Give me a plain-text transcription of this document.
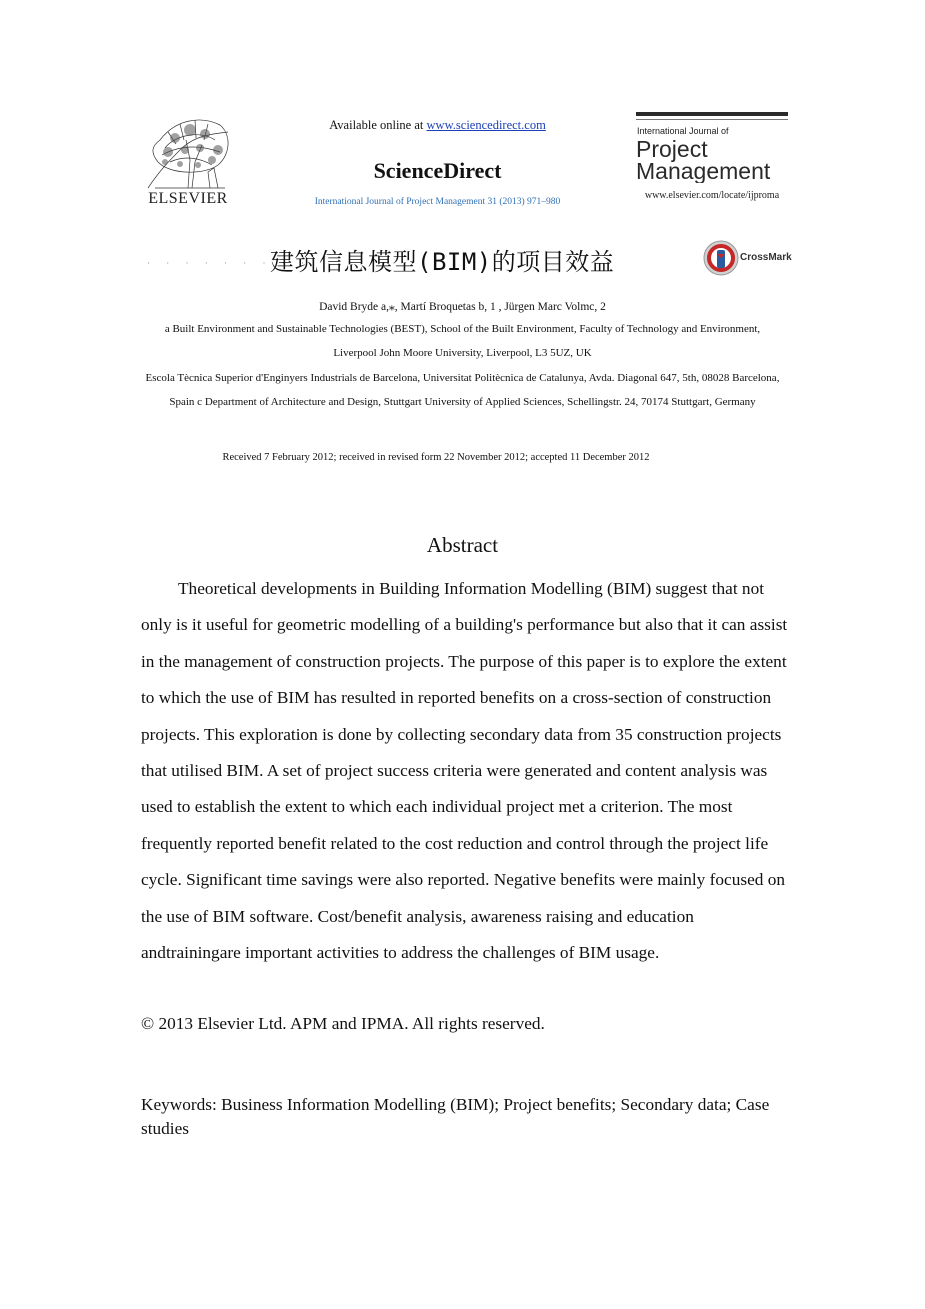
ELSEVIER
Available online at www.sciencedirect.com
ScienceDirect
International Journal of Project Management 31 (2013) 971–980
International Journal of
Project
Management
www.elsevier.com/locate/ijproma
· · · · · · · · ·
建筑信息模型(BIM)的项目效益	CrossMark
David Bryde a,⁎, Martí Broquetas b, 1 , Jürgen Marc Volmc, 2
a Built Environment and Sustainable Technologies (BEST), School of the Built Environment, Faculty of Technology and Environment,
Liverpool John Moore University, Liverpool, L3 5UZ, UK
Escola Tècnica Superior d'Enginyers Industrials de Barcelona, Universitat Politècnica de Catalunya, Avda. Diagonal 647, 5th, 08028 Barcelona,
Spain c Department of Architecture and Design, Stuttgart University of Applied Sciences, Schellingstr. 24, 70174 Stuttgart, Germany
Received 7 February 2012; received in revised form 22 November 2012; accepted 11 December 2012
Abstract

Theoretical developments in Building Information Modelling (BIM) suggest that not only is it useful for geometric modelling of a building's performance but also that it can assist in the management of construction projects. The purpose of this paper is to explore the extent to which the use of BIM has resulted in reported benefits on a cross-section of construction projects. This exploration is done by collecting secondary data from 35 construction projects that utilised BIM. A set of project success criteria were generated and content analysis was used to establish the extent to which each individual project met a criterion. The most frequently reported benefit related to the cost reduction and control through the project life cycle. Significant time savings were also reported. Negative benefits were mainly focused on the use of BIM software. Cost/benefit analysis, awareness raising and education andtrainingare important activities to address the challenges of BIM usage.

© 2013 Elsevier Ltd. APM and IPMA. All rights reserved.
Keywords: Business Information Modelling (BIM); Project benefits; Secondary data; Case studies
